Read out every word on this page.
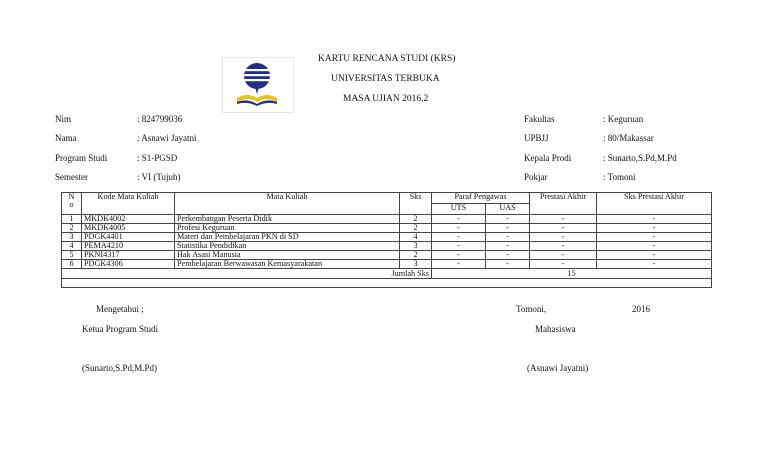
KARTU RENCANA STUDI (KRS)
UNIVERSITAS TERBUKA
MASA UJIAN 2016.2
Nim	: 824799036
Nama	: Asnawi Jayatni
Program Studi	: S1-PGSD
Semester	: VI (Tujuh)
Fakultas	: Keguruan
UPBJJ	: 80/Makassar
Kepala Prodi	: Sunarto,S.Pd,M.Pd
Pokjar	: Tomoni
N
o	Kode Mata Kuliah	Mata Kuliah	Sks	Paraf Pengawas		Prestasi Akhir	Sks Prestasi Akhir
				UTS	UAS		
1	MKDK4002	Perkembangan Peserta Didik	2	-	-	-	-
2	MKDK4005	Profesi Keguruan	2	-	-	-	-
3	PDGK4401	Materi dan Pembelajaran PKN di SD	4	-	-	-	-
4	PEMA4210	Statistika Pendidikan	3	-	-	-	-
5	PKNI4317	Hak Asasi Manusia	2	-	-	-	-
6	PDGK4306	Pembelajaran Berwawasan Kemasyarakatan	3	-	-	-	-
Jumlah Sks				15			

Mengetahui ;	Tomoni,	2016
Ketua Program Studi	Mahasiswa
(Sunarto,S.Pd,M.Pd)	(Asnawi Jayatni)
